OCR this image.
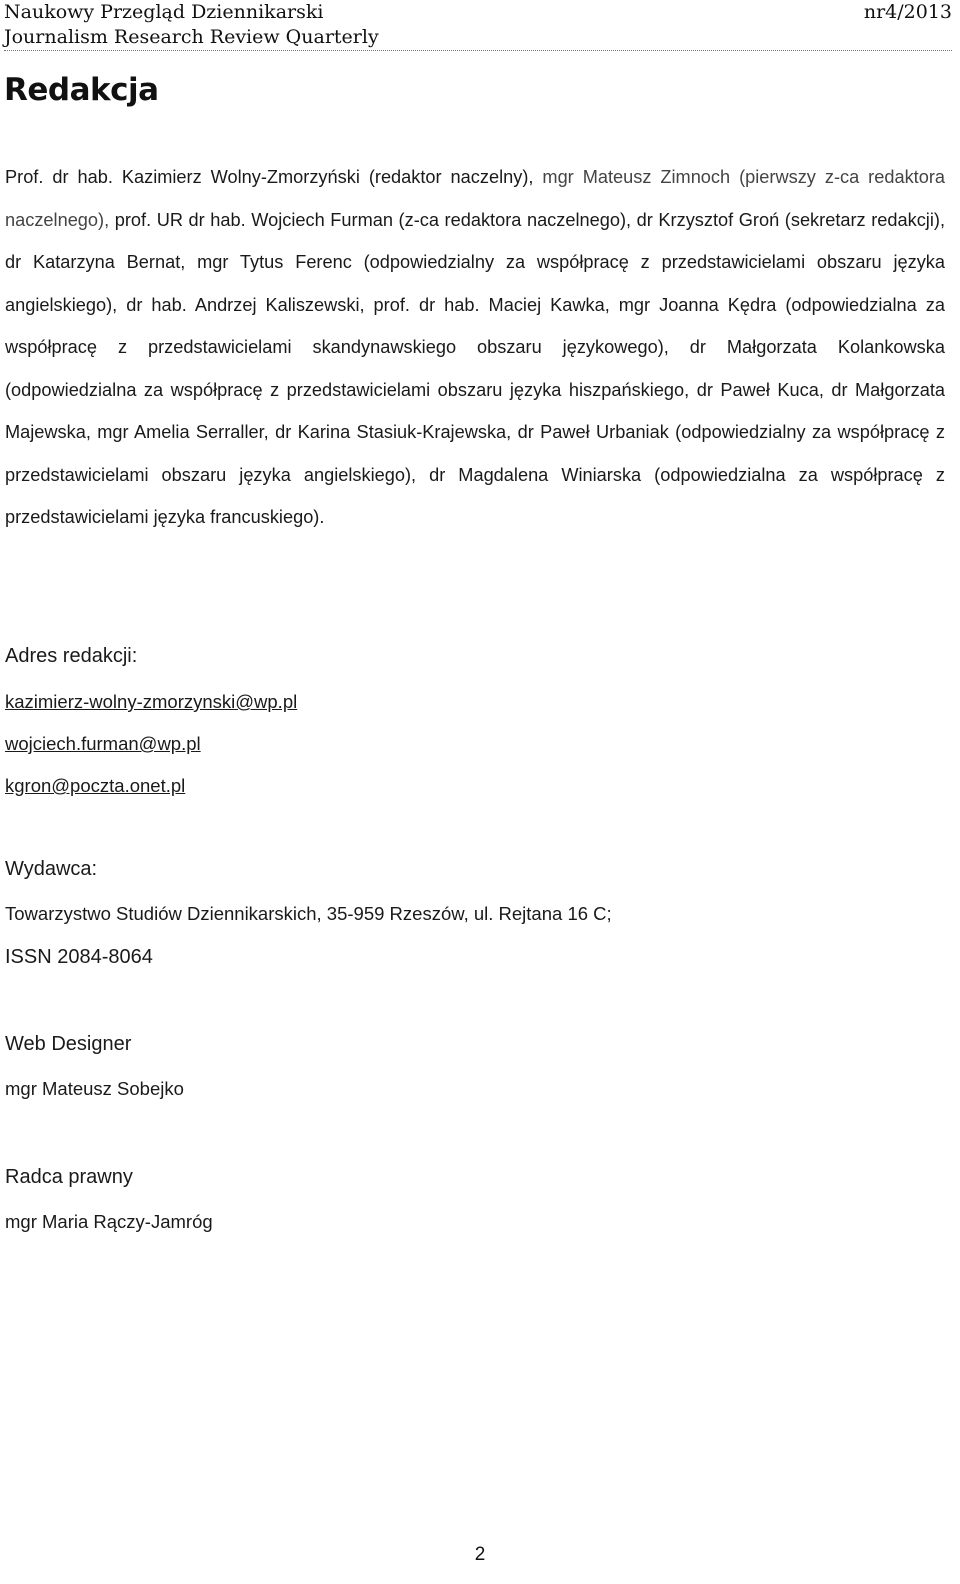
Naukowy Przegląd Dziennikarski
Journalism Research Review Quarterly
nr4/2013
Redakcja

Prof. dr hab. Kazimierz Wolny-Zmorzyński (redaktor naczelny), mgr Mateusz Zimnoch (pierwszy z-ca redaktora naczelnego), prof. UR dr hab. Wojciech Furman (z-ca redaktora naczelnego), dr Krzysztof Groń (sekretarz redakcji), dr Katarzyna Bernat, mgr Tytus Ferenc (odpowiedzialny za współpracę z przedstawicielami obszaru języka angielskiego), dr hab. Andrzej Kaliszewski, prof. dr hab. Maciej Kawka, mgr Joanna Kędra (odpowiedzialna za współpracę z przedstawicielami skandynawskiego obszaru językowego), dr Małgorzata Kolankowska (odpowiedzialna za współpracę z przedstawicielami obszaru języka hiszpańskiego, dr Paweł Kuca, dr Małgorzata Majewska, mgr Amelia Serraller, dr Karina Stasiuk-Krajewska, dr Paweł Urbaniak (odpowiedzialny za współpracę z przedstawicielami obszaru języka angielskiego), dr Magdalena Winiarska (odpowiedzialna za współpracę z przedstawicielami języka francuskiego).

Adres redakcji:
kazimierz-wolny-zmorzynski@wp.pl
wojciech.furman@wp.pl
kgron@poczta.onet.pl
Wydawca:
Towarzystwo Studiów Dziennikarskich, 35-959 Rzeszów, ul. Rejtana 16 C;
ISSN 2084-8064
Web Designer
mgr Mateusz Sobejko
Radca prawny
mgr Maria Rączy-Jamróg
2
